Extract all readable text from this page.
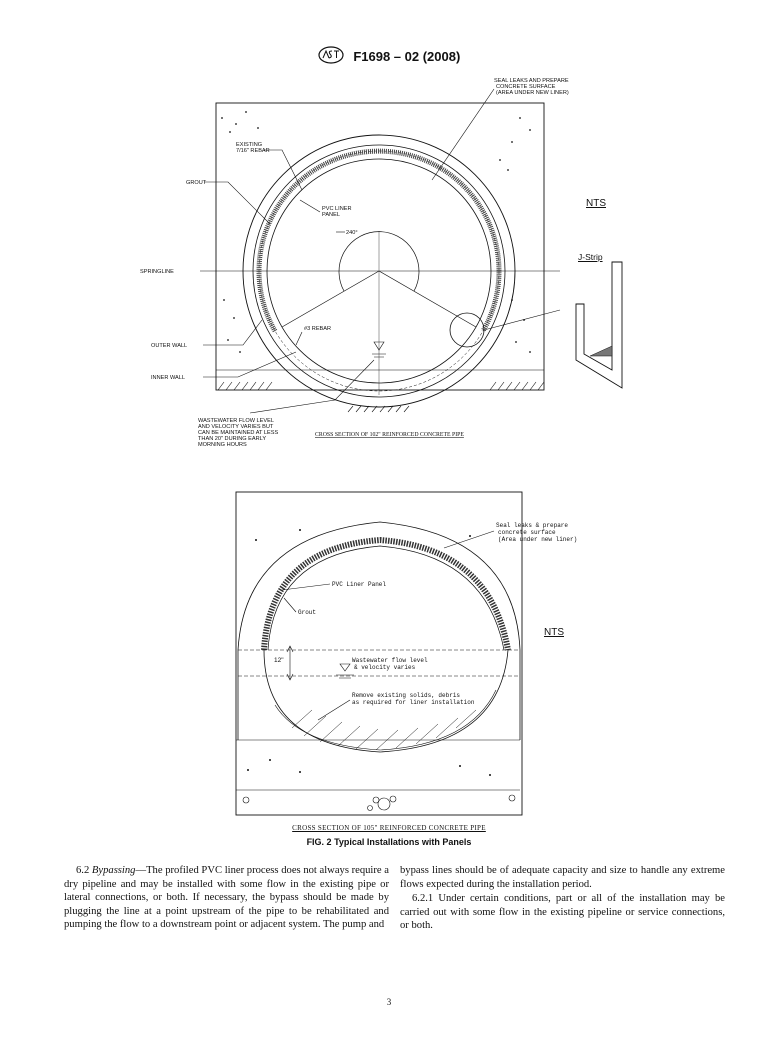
F1698 – 02 (2008)
SEAL LEAKS AND PREPARE
CONCRETE SURFACE
(AREA UNDER NEW LINER)
EXISTING
7/16" REBAR
GROUT
PVC LINER
PANEL
240°
SPRINGLINE
#3 REBAR
OUTER WALL
INNER WALL
WASTEWATER FLOW LEVEL
AND VELOCITY VARIES BUT
CAN BE MAINTAINED AT LESS
THAN 20" DURING EARLY
MORNING HOURS
CROSS SECTION OF 102" REINFORCED CONCRETE PIPE
NTS
J-Strip
Seal leaks & prepare
concrete surface
(Area under new liner)
PVC Liner Panel
Grout
12"	Wastewater flow level
& velocity varies
Remove existing solids, debris
as required for liner installation
NTS
CROSS SECTION OF 105" REINFORCED CONCRETE PIPE
FIG. 2 Typical Installations with Panels

6.2 Bypassing—The profiled PVC liner process does not always require a dry pipeline and may be installed with some flow in the existing pipe or lateral connections, or both. If necessary, the bypass should be made by plugging the line at a point upstream of the pipe to be rehabilitated and pumping the flow to a downstream point or adjacent system. The pump and

bypass lines should be of adequate capacity and size to handle any extreme flows expected during the installation period.

6.2.1 Under certain conditions, part or all of the installation may be carried out with some flow in the existing pipeline or service connections, or both.

3
